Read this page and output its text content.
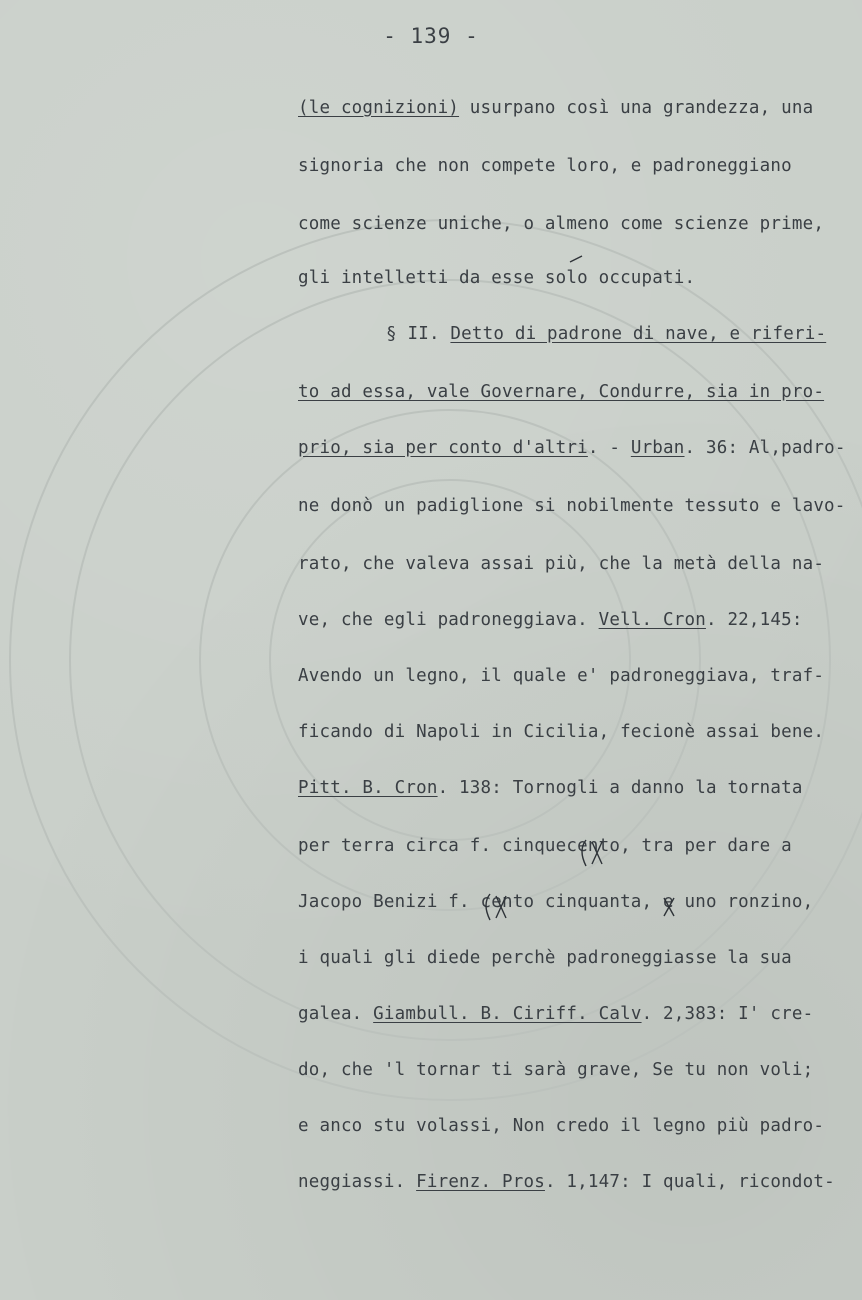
- 139 -
(le cognizioni) usurpano così una grandezza, una
signoria che non compete loro, e padroneggiano
come scienze uniche, o almeno come scienze prime,
gli intelletti da esse solo occupati.
§ II. Detto di padrone di nave, e riferi-
to ad essa, vale Governare, Condurre, sia in pro-
prio, sia per conto d'altri. - Urban. 36: Al,padro-
ne donò un padiglione si nobilmente tessuto e lavo-
rato, che valeva assai più, che la metà della na-
ve, che egli padroneggiava. Vell. Cron. 22,145:
Avendo un legno, il quale e' padroneggiava, traf-
ficando di Napoli in Cicilia, fecionè assai bene.
Pitt. B. Cron. 138: Tornogli a danno la tornata
per terra circa f. cinquecento, tra per dare a
Jacopo Benizi f. cento cinquanta, e uno ronzino,
i quali gli diede perchè padroneggiasse la sua
galea. Giambull. B. Ciriff. Calv. 2,383: I' cre-
do, che 'l tornar ti sarà grave, Se tu non voli;
e anco stu volassi, Non credo il legno più padro-
neggiassi. Firenz. Pros. 1,147: I quali, ricondot-
